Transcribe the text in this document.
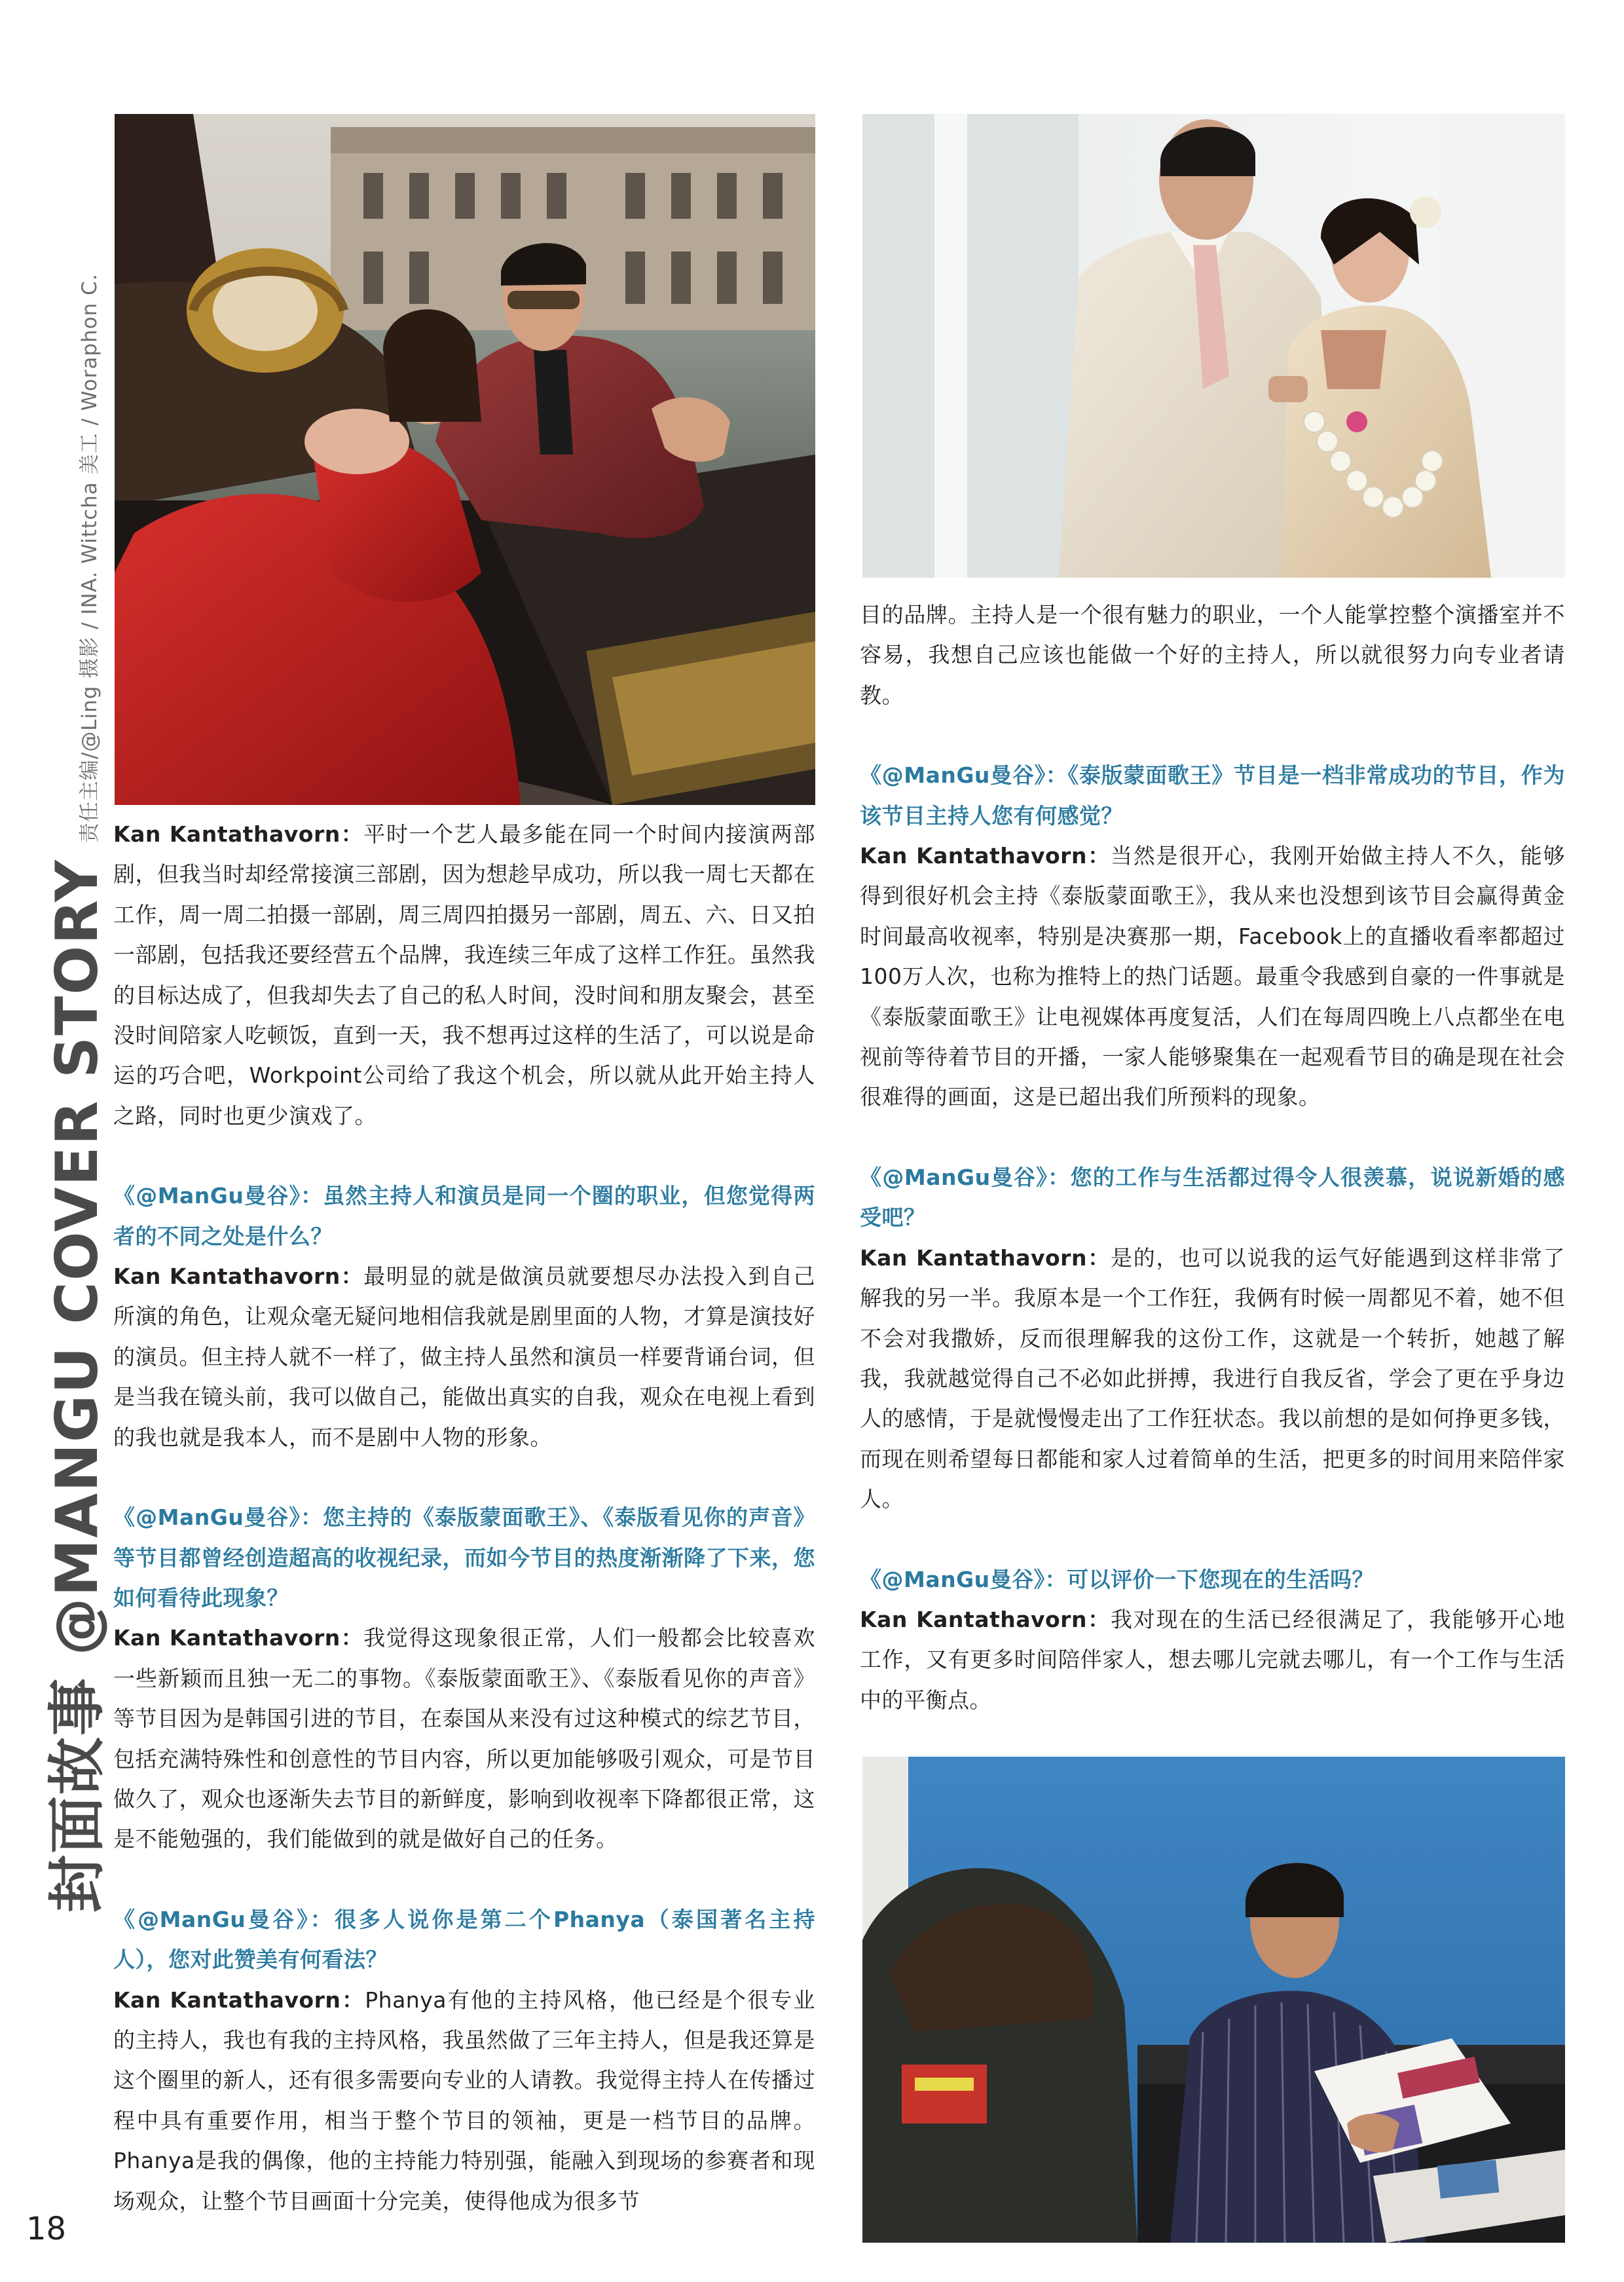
Kan Kantathavorn：平时一个艺人最多能在同一个时间内接演两部剧，但我当时却经常接演三部剧，因为想趁早成功，所以我一周七天都在工作，周一周二拍摄一部剧，周三周四拍摄另一部剧，周五、六、日又拍一部剧，包括我还要经营五个品牌，我连续三年成了这样工作狂。虽然我的目标达成了，但我却失去了自己的私人时间，没时间和朋友聚会，甚至没时间陪家人吃顿饭，直到一天，我不想再过这样的生活了，可以说是命运的巧合吧，Workpoint公司给了我这个机会，所以就从此开始主持人之路，同时也更少演戏了。

《@ManGu曼谷》：虽然主持人和演员是同一个圈的职业，但您觉得两者的不同之处是什么？

Kan Kantathavorn：最明显的就是做演员就要想尽办法投入到自己所演的角色，让观众毫无疑问地相信我就是剧里面的人物，才算是演技好的演员。但主持人就不一样了，做主持人虽然和演员一样要背诵台词，但是当我在镜头前，我可以做自己，能做出真实的自我，观众在电视上看到的我也就是我本人，而不是剧中人物的形象。

《@ManGu曼谷》：您主持的《泰版蒙面歌王》、《泰版看见你的声音》等节目都曾经创造超高的收视纪录，而如今节目的热度渐渐降了下来，您如何看待此现象？

Kan Kantathavorn：我觉得这现象很正常，人们一般都会比较喜欢一些新颖而且独一无二的事物。《泰版蒙面歌王》、《泰版看见你的声音》等节目因为是韩国引进的节目，在泰国从来没有过这种模式的综艺节目，包括充满特殊性和创意性的节目内容，所以更加能够吸引观众，可是节目做久了，观众也逐渐失去节目的新鲜度，影响到收视率下降都很正常，这是不能勉强的，我们能做到的就是做好自己的任务。

《@ManGu曼谷》：很多人说你是第二个Phanya（泰国著名主持人），您对此赞美有何看法？

Kan Kantathavorn：Phanya有他的主持风格，他已经是个很专业的主持人，我也有我的主持风格，我虽然做了三年主持人，但是我还算是这个圈里的新人，还有很多需要向专业的人请教。我觉得主持人在传播过程中具有重要作用，相当于整个节目的领袖，更是一档节目的品牌。Phanya是我的偶像，他的主持能力特别强，能融入到现场的参赛者和现场观众，让整个节目画面十分完美，使得他成为很多节

目的品牌。主持人是一个很有魅力的职业，一个人能掌控整个演播室并不容易，我想自己应该也能做一个好的主持人，所以就很努力向专业者请教。

《@ManGu曼谷》：《泰版蒙面歌王》节目是一档非常成功的节目，作为该节目主持人您有何感觉？

Kan Kantathavorn：当然是很开心，我刚开始做主持人不久，能够得到很好机会主持《泰版蒙面歌王》，我从来也没想到该节目会赢得黄金时间最高收视率，特别是决赛那一期，Facebook上的直播收看率都超过100万人次，也称为推特上的热门话题。最重令我感到自豪的一件事就是《泰版蒙面歌王》让电视媒体再度复活，人们在每周四晚上八点都坐在电视前等待着节目的开播，一家人能够聚集在一起观看节目的确是现在社会很难得的画面，这是已超出我们所预料的现象。

《@ManGu曼谷》：您的工作与生活都过得令人很羡慕，说说新婚的感受吧？

Kan Kantathavorn：是的，也可以说我的运气好能遇到这样非常了解我的另一半。我原本是一个工作狂，我俩有时候一周都见不着，她不但不会对我撒娇，反而很理解我的这份工作，这就是一个转折，她越了解我，我就越觉得自己不必如此拼搏，我进行自我反省，学会了更在乎身边人的感情，于是就慢慢走出了工作狂状态。我以前想的是如何挣更多钱，而现在则希望每日都能和家人过着简单的生活，把更多的时间用来陪伴家人。

《@ManGu曼谷》：可以评价一下您现在的生活吗？

Kan Kantathavorn：我对现在的生活已经很满足了，我能够开心地工作，又有更多时间陪伴家人，想去哪儿完就去哪儿，有一个工作与生活中的平衡点。

封面故事 @MANGU COVER STORY
责任主编/@Ling 摄影 / INA. Wittcha 美工 / Woraphon C.
18
